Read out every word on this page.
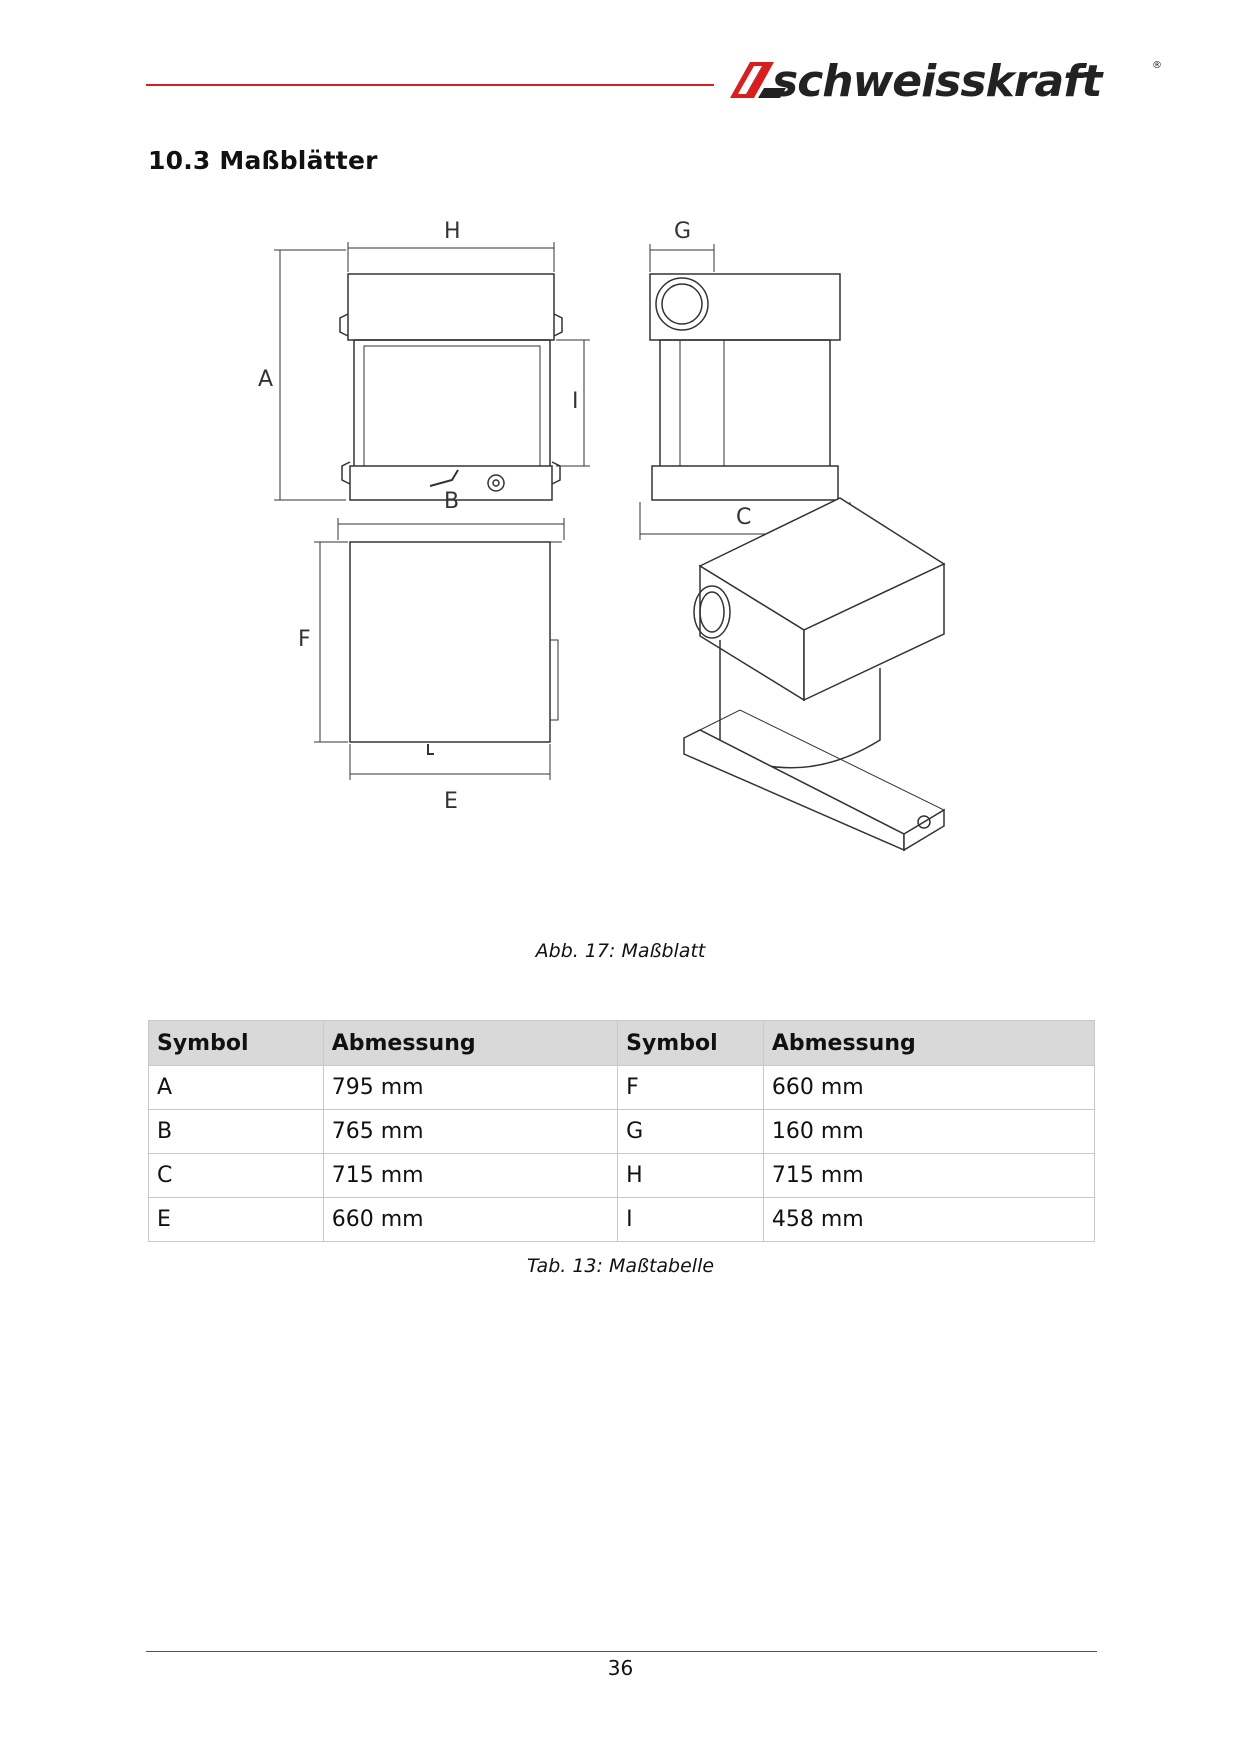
schweisskraft	®
10.3 Maßblätter
H
A
I
G
C
B
F
E
Abb. 17: Maßblatt
Symbol	Abmessung	Symbol	Abmessung
A	795 mm	F	660 mm
B	765 mm	G	160 mm
C	715 mm	H	715 mm
E	660 mm	I	458 mm
Tab. 13: Maßtabelle
36
